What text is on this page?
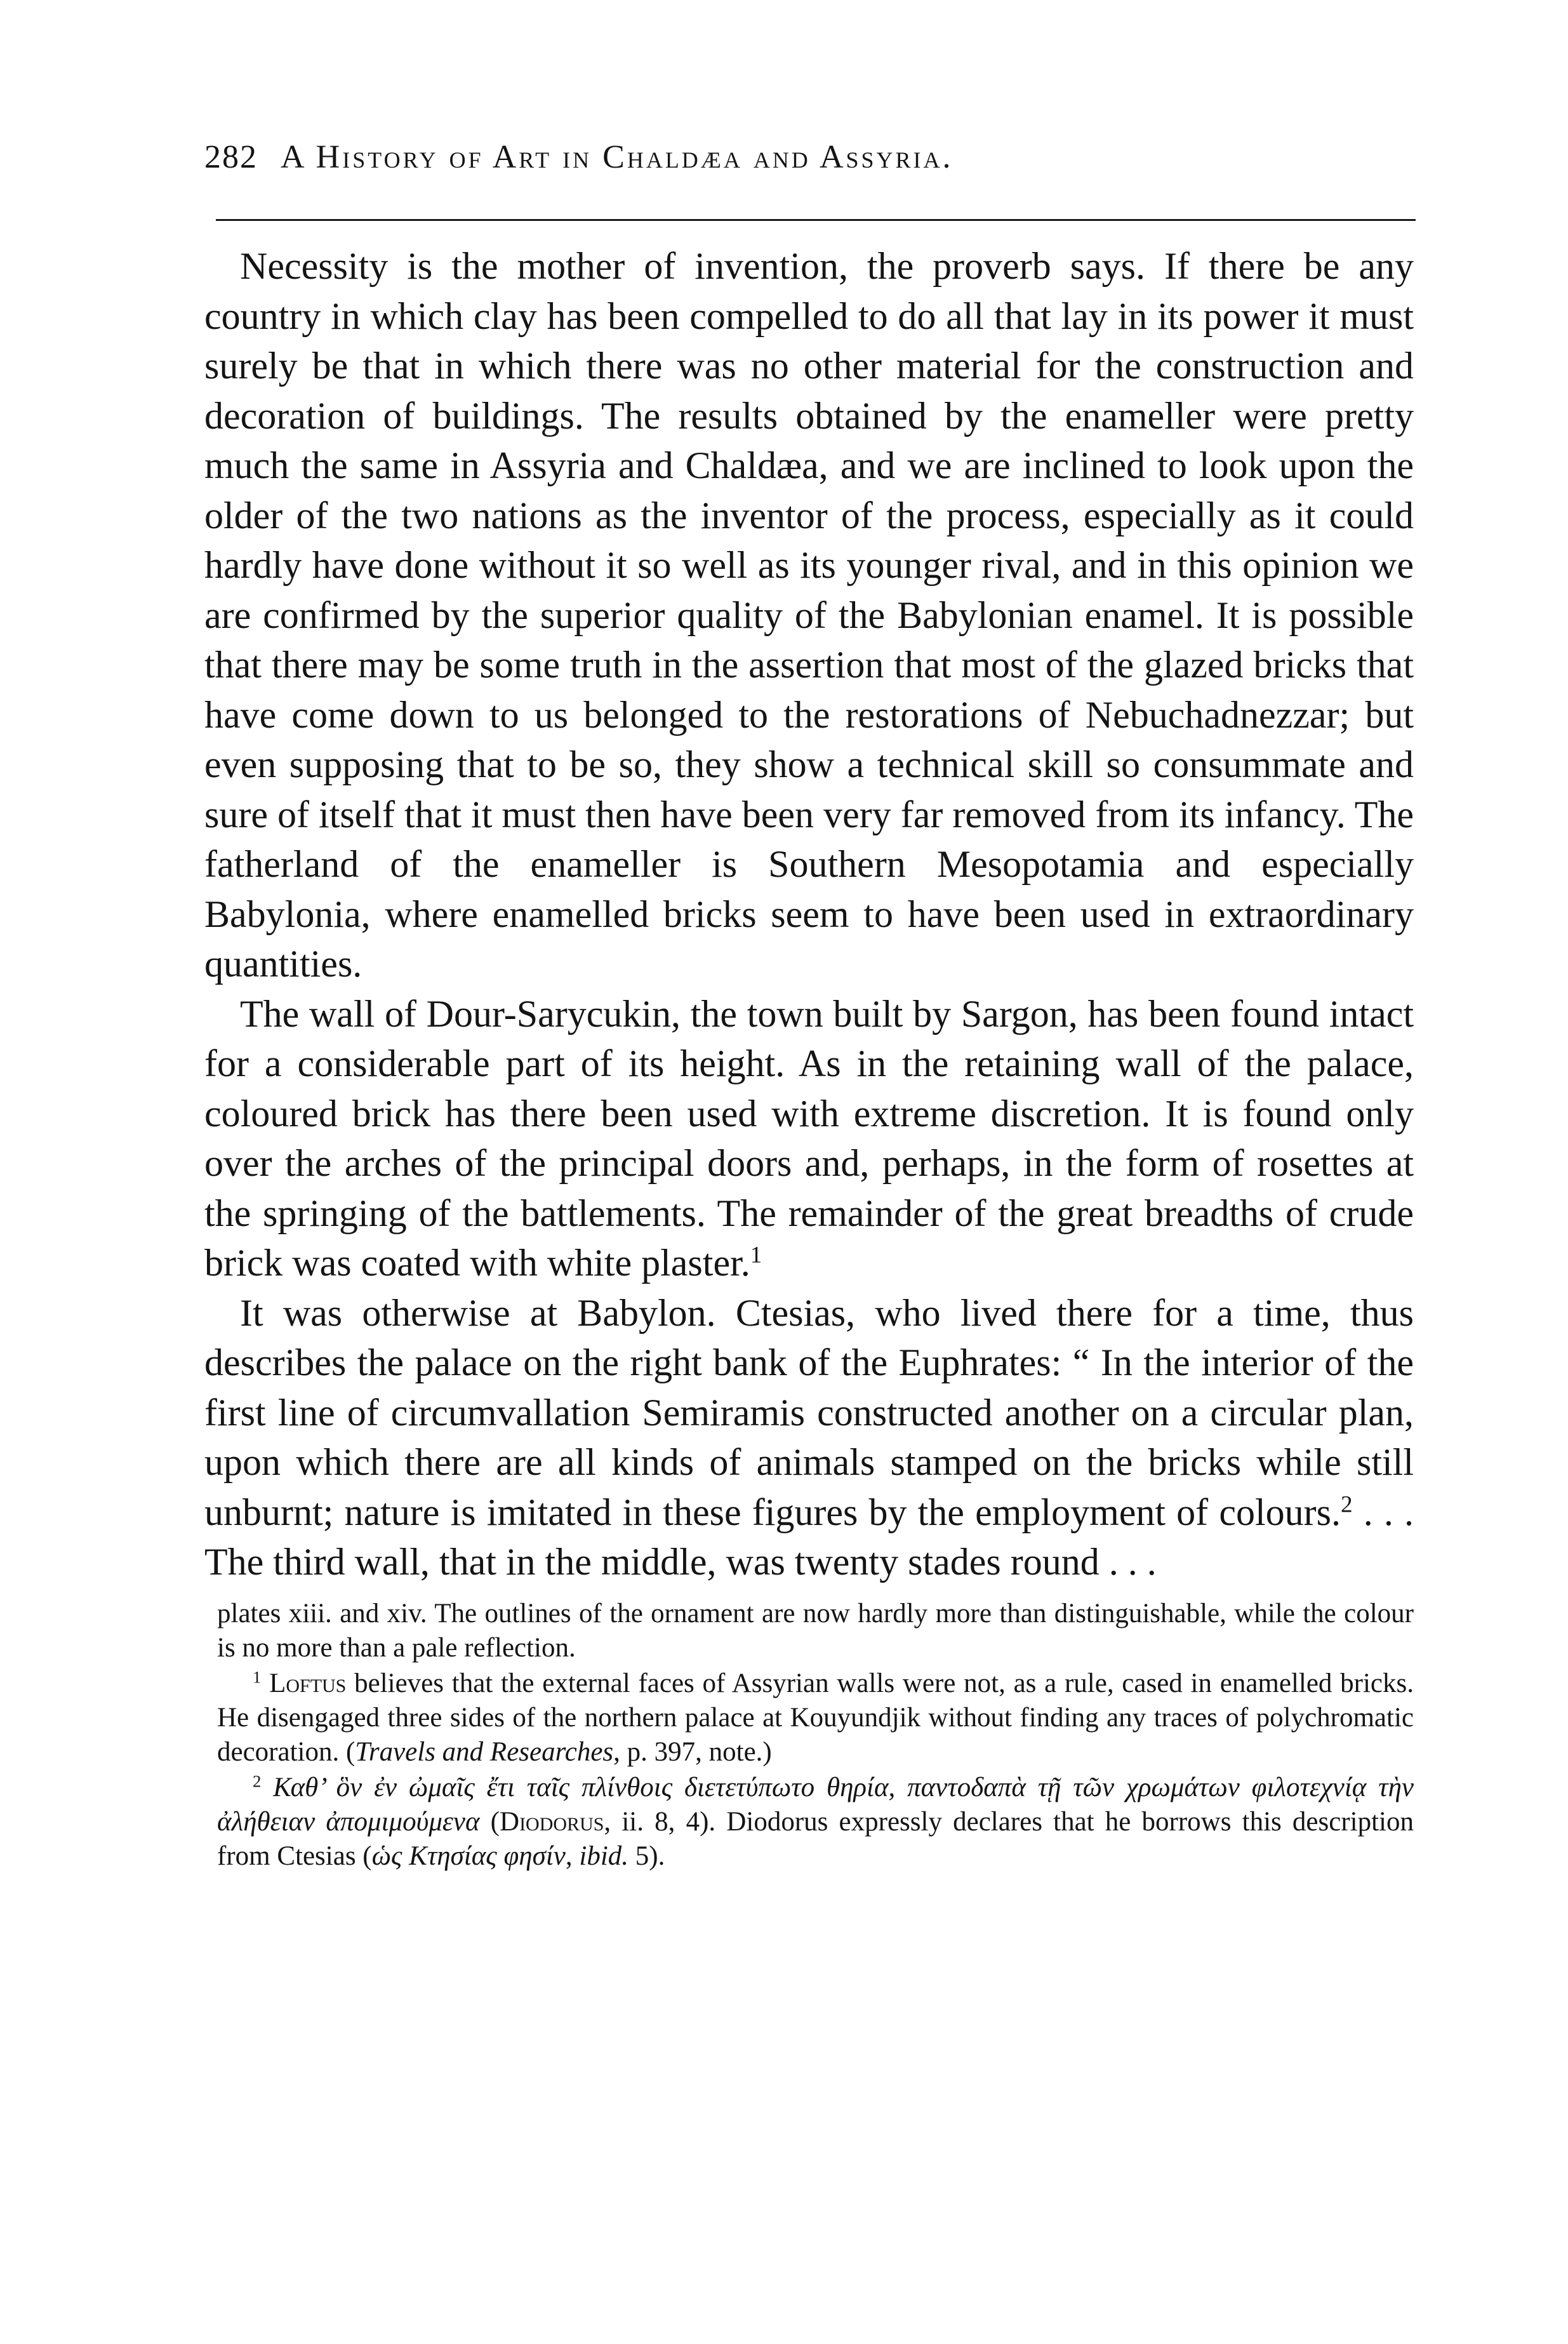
282 A History of Art in Chaldæa and Assyria.

Necessity is the mother of invention, the proverb says. If there be any country in which clay has been compelled to do all that lay in its power it must surely be that in which there was no other material for the construction and decoration of buildings. The results obtained by the enameller were pretty much the same in Assyria and Chaldæa, and we are inclined to look upon the older of the two nations as the inventor of the process, especially as it could hardly have done without it so well as its younger rival, and in this opinion we are confirmed by the superior quality of the Babylonian enamel. It is possible that there may be some truth in the assertion that most of the glazed bricks that have come down to us belonged to the restorations of Nebuchadnezzar; but even supposing that to be so, they show a technical skill so consummate and sure of itself that it must then have been very far removed from its infancy. The fatherland of the enameller is Southern Mesopotamia and especially Babylonia, where enamelled bricks seem to have been used in extraordinary quantities.

The wall of Dour-Sarycukin, the town built by Sargon, has been found intact for a considerable part of its height. As in the retaining wall of the palace, coloured brick has there been used with extreme discretion. It is found only over the arches of the principal doors and, perhaps, in the form of rosettes at the springing of the battlements. The remainder of the great breadths of crude brick was coated with white plaster.$^1$

It was otherwise at Babylon. Ctesias, who lived there for a time, thus describes the palace on the right bank of the Euphrates: “ In the interior of the first line of circumvallation Semiramis constructed another on a circular plan, upon which there are all kinds of animals stamped on the bricks while still unburnt; nature is imitated in these figures by the employment of colours.$^2$ . . . The third wall, that in the middle, was twenty stades round . . .

plates xiii. and xiv. The outlines of the ornament are now hardly more than distinguishable, while the colour is no more than a pale reflection.

$^1$ Loftus believes that the external faces of Assyrian walls were not, as a rule, cased in enamelled bricks. He disengaged three sides of the northern palace at Kouyundjik without finding any traces of polychromatic decoration. (Travels and Researches, p. 397, note.)

$^2$ Καθ’ ὃν ἐν ὠμαῖς ἔτι ταῖς πλίνθοις διετετύπωτο θηρία, παντοδαπὰ τῇ τῶν χρωμάτων φιλοτεχνίᾳ τὴν ἀλήθειαν ἀπομιμούμενα (Diodorus, ii. 8, 4). Diodorus expressly declares that he borrows this description from Ctesias (ὡς Κτησίας φησίν, ibid. 5).
